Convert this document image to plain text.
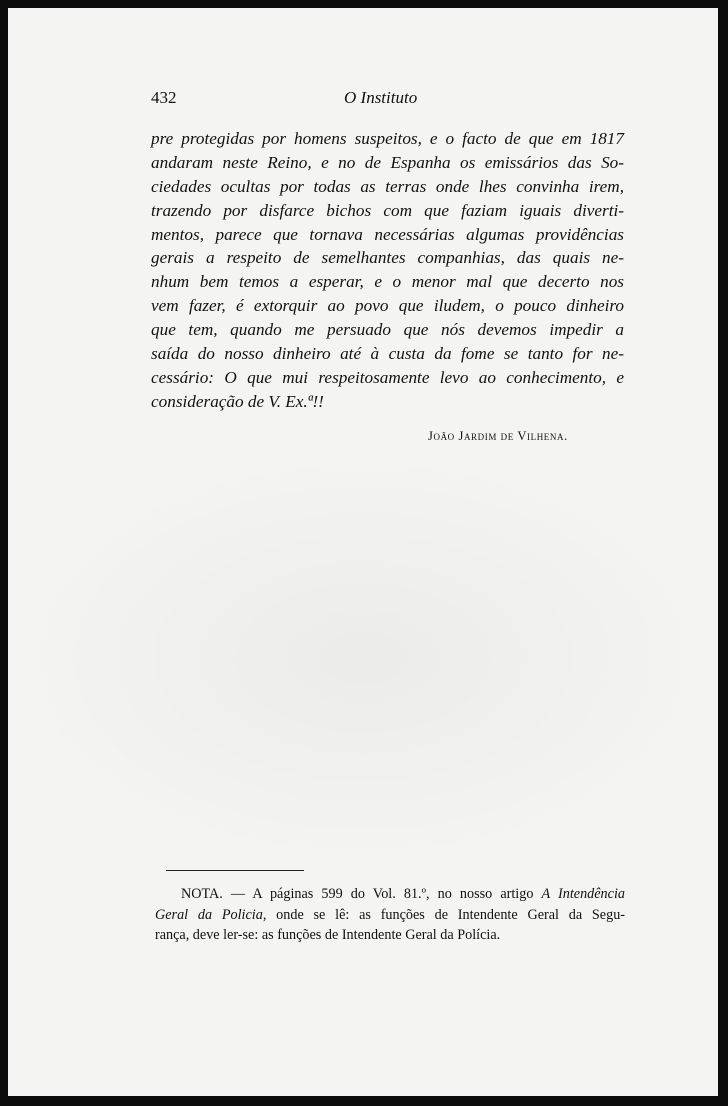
432	O Instituto
pre protegidas por homens suspeitos, e o facto de que em 1817
andaram neste Reino, e no de Espanha os emissários das So-
ciedades ocultas por todas as terras onde lhes convinha irem,
trazendo por disfarce bichos com que faziam iguais diverti-
mentos, parece que tornava necessárias algumas providências
gerais a respeito de semelhantes companhias, das quais ne-
nhum bem temos a esperar, e o menor mal que decerto nos
vem fazer, é extorquir ao povo que iludem, o pouco dinheiro
que tem, quando me persuado que nós devemos impedir a
saída do nosso dinheiro até à custa da fome se tanto for ne-
cessário: O que mui respeitosamente levo ao conhecimento, e
consideração de V. Ex.ª!!
João Jardim de Vilhena.
NOTA. — A páginas 599 do Vol. 81.º, no nosso artigo A Intendência
Geral da Policia, onde se lê: as funções de Intendente Geral da Segu-
rança, deve ler-se: as funções de Intendente Geral da Polícia.
